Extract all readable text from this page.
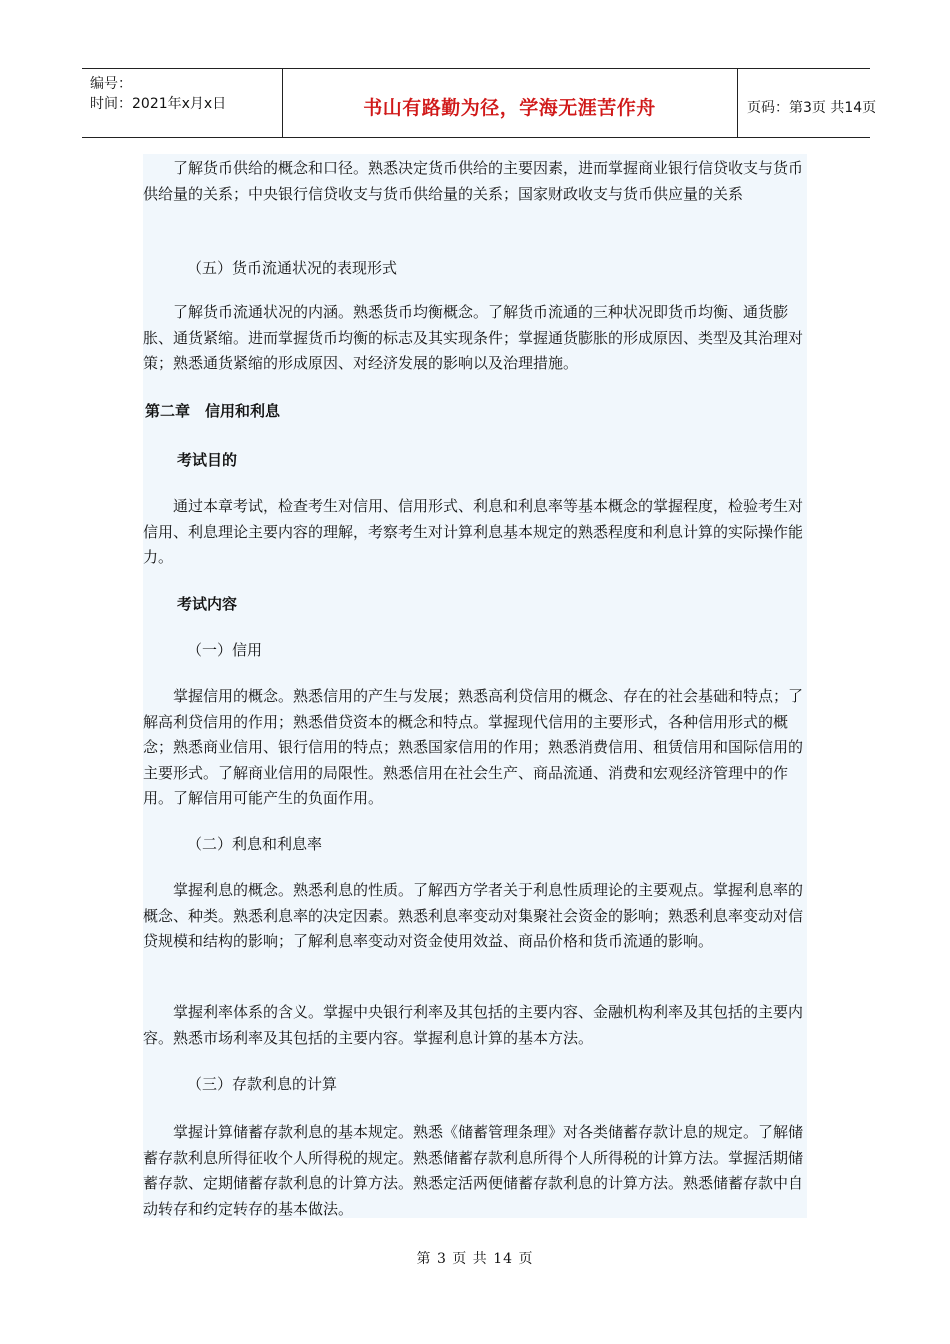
编号：
时间：2021年x月x日	书山有路勤为径，学海无涯苦作舟	页码：第3页 共14页

了解货币供给的概念和口径。熟悉决定货币供给的主要因素，进而掌握商业银行信贷收支与货币供给量的关系；中央银行信贷收支与货币供给量的关系；国家财政收支与货币供应量的关系

（五）货币流通状况的表现形式

了解货币流通状况的内涵。熟悉货币均衡概念。了解货币流通的三种状况即货币均衡、通货膨胀、通货紧缩。进而掌握货币均衡的标志及其实现条件；掌握通货膨胀的形成原因、类型及其治理对策；熟悉通货紧缩的形成原因、对经济发展的影响以及治理措施。

第二章　信用和利息

考试目的

通过本章考试，检查考生对信用、信用形式、利息和利息率等基本概念的掌握程度，检验考生对信用、利息理论主要内容的理解，考察考生对计算利息基本规定的熟悉程度和利息计算的实际操作能力。

考试内容

（一）信用

掌握信用的概念。熟悉信用的产生与发展；熟悉高利贷信用的概念、存在的社会基础和特点；了解高利贷信用的作用；熟悉借贷资本的概念和特点。掌握现代信用的主要形式，各种信用形式的概念；熟悉商业信用、银行信用的特点；熟悉国家信用的作用；熟悉消费信用、租赁信用和国际信用的主要形式。了解商业信用的局限性。熟悉信用在社会生产、商品流通、消费和宏观经济管理中的作用。了解信用可能产生的负面作用。

（二）利息和利息率

掌握利息的概念。熟悉利息的性质。了解西方学者关于利息性质理论的主要观点。掌握利息率的概念、种类。熟悉利息率的决定因素。熟悉利息率变动对集聚社会资金的影响；熟悉利息率变动对信贷规模和结构的影响；了解利息率变动对资金使用效益、商品价格和货币流通的影响。

掌握利率体系的含义。掌握中央银行利率及其包括的主要内容、金融机构利率及其包括的主要内容。熟悉市场利率及其包括的主要内容。掌握利息计算的基本方法。

（三）存款利息的计算

掌握计算储蓄存款利息的基本规定。熟悉《储蓄管理条理》对各类储蓄存款计息的规定。了解储蓄存款利息所得征收个人所得税的规定。熟悉储蓄存款利息所得个人所得税的计算方法。掌握活期储蓄存款、定期储蓄存款利息的计算方法。熟悉定活两便储蓄存款利息的计算方法。熟悉储蓄存款中自动转存和约定转存的基本做法。

第 3 页 共 14 页
